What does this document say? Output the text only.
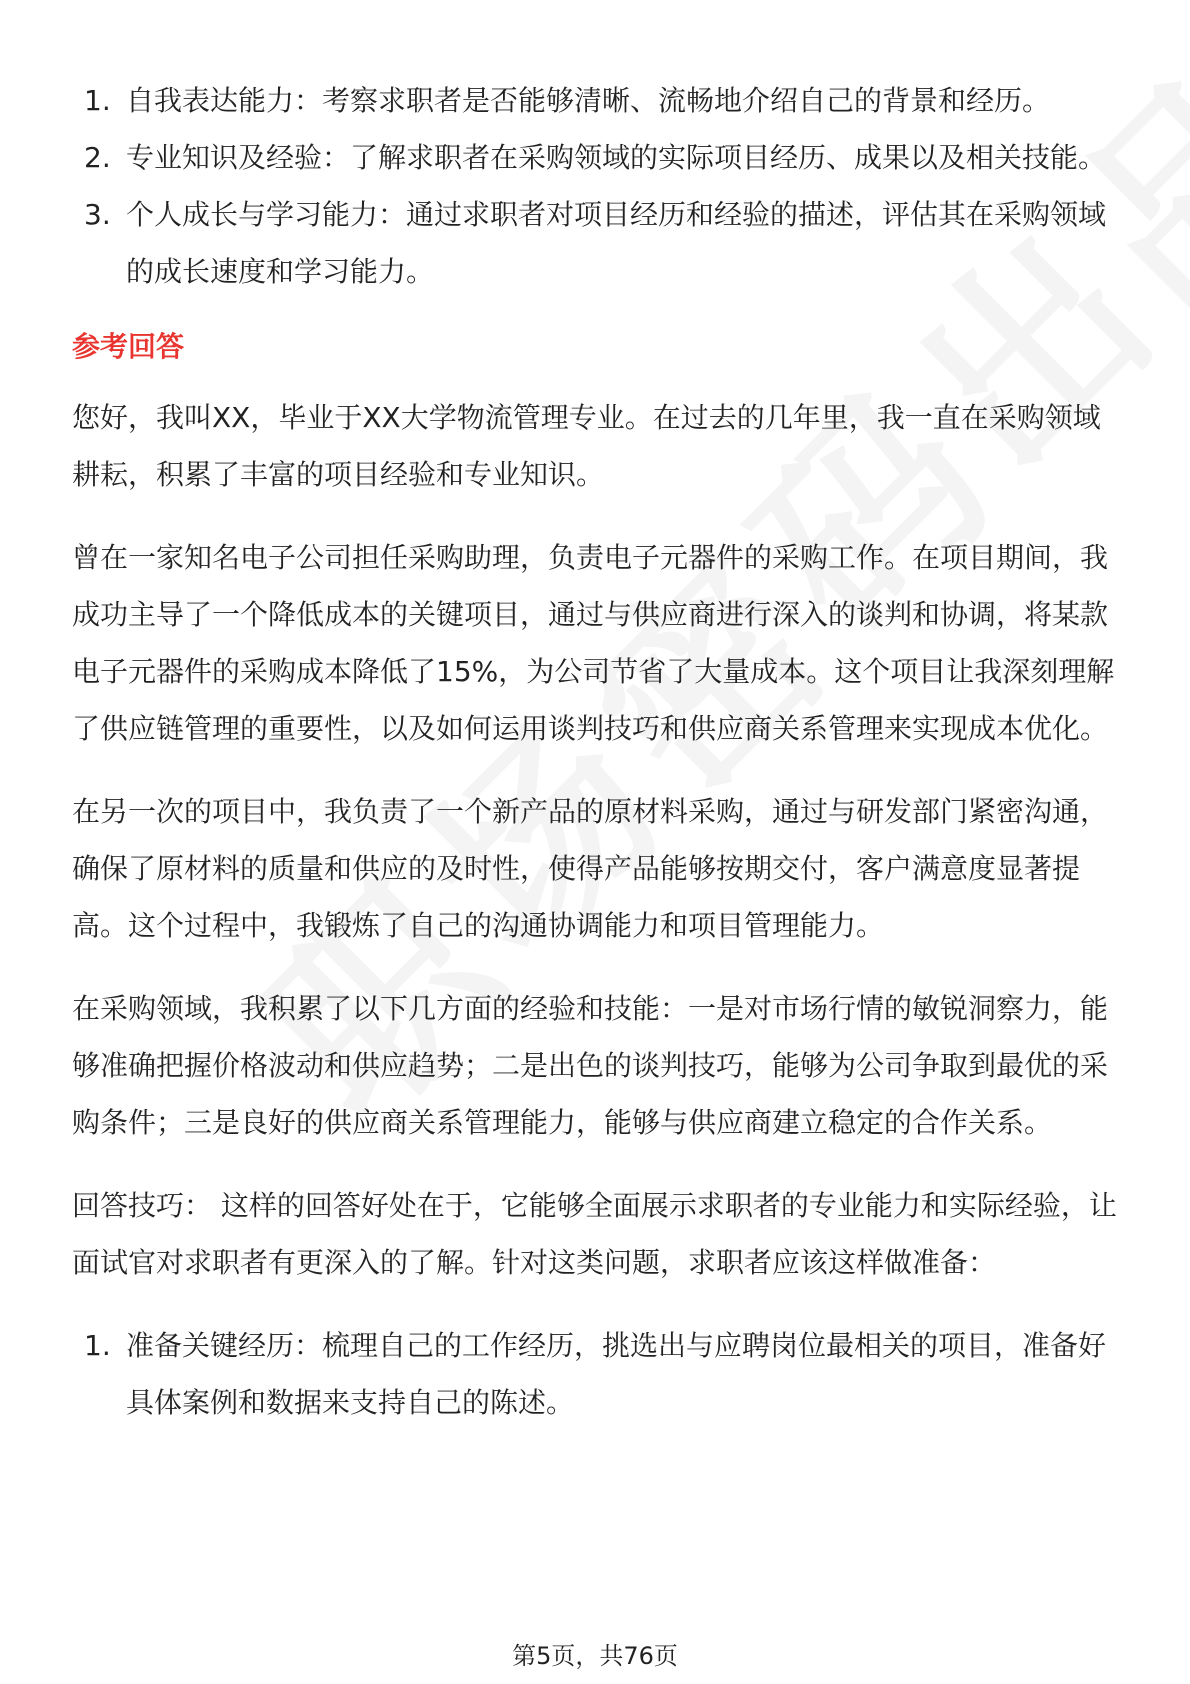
1. 自我表达能力：考察求职者是否能够清晰、流畅地介绍自己的背景和经历。
2. 专业知识及经验：了解求职者在采购领域的实际项目经历、成果以及相关技能。
3. 个人成长与学习能力：通过求职者对项目经历和经验的描述，评估其在采购领域的成长速度和学习能力。
参考回答

您好，我叫XX，毕业于XX大学物流管理专业。在过去的几年里，我一直在采购领域耕耘，积累了丰富的项目经验和专业知识。

曾在一家知名电子公司担任采购助理，负责电子元器件的采购工作。在项目期间，我成功主导了一个降低成本的关键项目，通过与供应商进行深入的谈判和协调，将某款电子元器件的采购成本降低了15%，为公司节省了大量成本。这个项目让我深刻理解了供应链管理的重要性，以及如何运用谈判技巧和供应商关系管理来实现成本优化。

在另一次的项目中，我负责了一个新产品的原材料采购，通过与研发部门紧密沟通，确保了原材料的质量和供应的及时性，使得产品能够按期交付，客户满意度显著提高。这个过程中，我锻炼了自己的沟通协调能力和项目管理能力。

在采购领域，我积累了以下几方面的经验和技能：一是对市场行情的敏锐洞察力，能够准确把握价格波动和供应趋势；二是出色的谈判技巧，能够为公司争取到最优的采购条件；三是良好的供应商关系管理能力，能够与供应商建立稳定的合作关系。

回答技巧： 这样的回答好处在于，它能够全面展示求职者的专业能力和实际经验，让面试官对求职者有更深入的了解。针对这类问题，求职者应该这样做准备：

1. 准备关键经历：梳理自己的工作经历，挑选出与应聘岗位最相关的项目，准备好具体案例和数据来支持自己的陈述。
第5页，共76页
